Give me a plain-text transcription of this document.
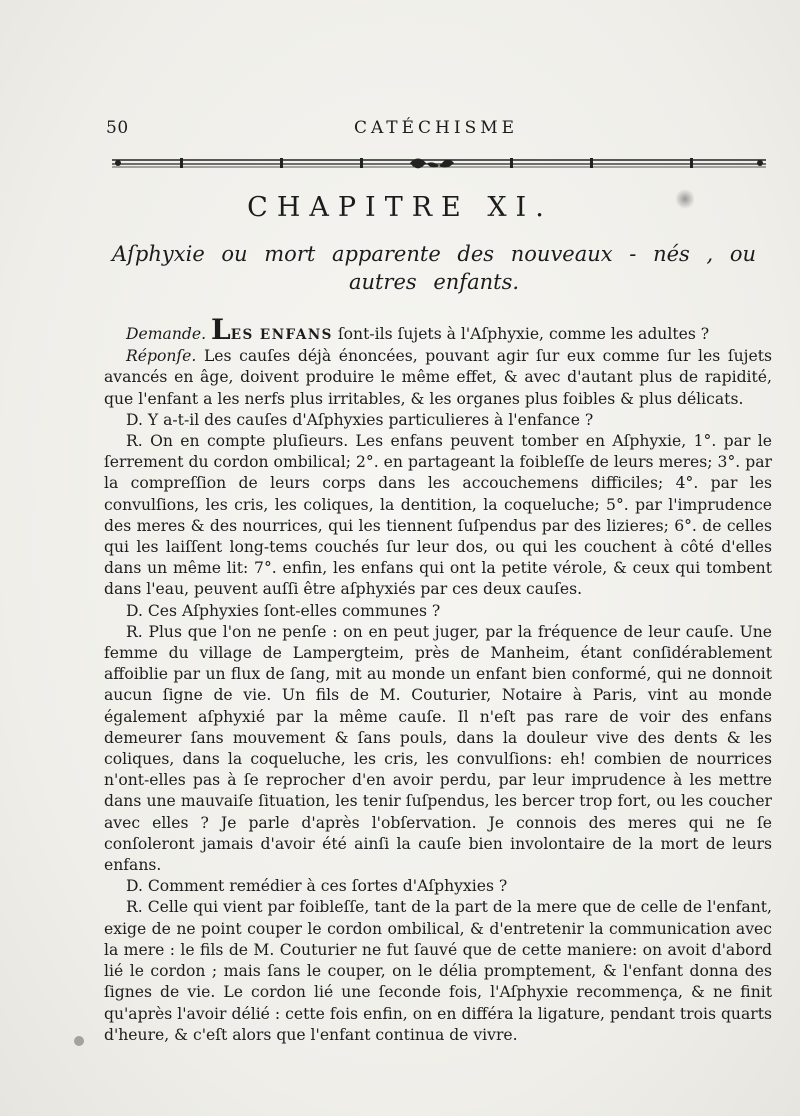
50	CATÉCHISME
CHAPITRE XI.
Aſphyxie ou mort apparente des nouveaux - nés , ou autres enfants.

Demande. LES ENFANS ſont-ils ſujets à l'Aſphyxie, comme les adultes ?

Réponſe. Les cauſes déjà énoncées, pouvant agir ſur eux comme ſur les ſujets avancés en âge, doivent produire le même effet, & avec d'autant plus de rapidité, que l'enfant a les nerfs plus irritables, & les organes plus foibles & plus délicats.

D. Y a-t-il des cauſes d'Aſphyxies particulieres à l'enfance ?

R. On en compte pluſieurs. Les enfans peuvent tomber en Aſphyxie, 1°. par le ſerrement du cordon ombilical; 2°. en partageant la foibleſſe de leurs meres; 3°. par la compreſſion de leurs corps dans les accouchemens difficiles; 4°. par les convulſions, les cris, les coliques, la dentition, la coqueluche; 5°. par l'imprudence des meres & des nourrices, qui les tiennent ſuſpendus par des lizieres; 6°. de celles qui les laiſſent long-tems couchés ſur leur dos, ou qui les couchent à côté d'elles dans un même lit: 7°. enfin, les enfans qui ont la petite vérole, & ceux qui tombent dans l'eau, peuvent auſſi être aſphyxiés par ces deux cauſes.

D. Ces Aſphyxies ſont-elles communes ?

R. Plus que l'on ne penſe : on en peut juger, par la fréquence de leur cauſe. Une femme du village de Lampergteim, près de Manheim, étant conſidérablement affoiblie par un flux de ſang, mit au monde un enfant bien conformé, qui ne donnoit aucun ſigne de vie. Un fils de M. Couturier, Notaire à Paris, vint au monde également aſphyxié par la même cauſe. Il n'eſt pas rare de voir des enfans demeurer ſans mouvement & ſans pouls, dans la douleur vive des dents & les coliques, dans la coqueluche, les cris, les convulſions: eh! combien de nourrices n'ont-elles pas à ſe reprocher d'en avoir perdu, par leur imprudence à les mettre dans une mauvaiſe ſituation, les tenir ſuſpendus, les bercer trop fort, ou les coucher avec elles ? Je parle d'après l'obſervation. Je connois des meres qui ne ſe conſoleront jamais d'avoir été ainſi la cauſe bien involontaire de la mort de leurs enfans.

D. Comment remédier à ces ſortes d'Aſphyxies ?

R. Celle qui vient par foibleſſe, tant de la part de la mere que de celle de l'enfant, exige de ne point couper le cordon ombilical, & d'entretenir la communication avec la mere : le fils de M. Couturier ne fut ſauvé que de cette maniere: on avoit d'abord lié le cordon ; mais ſans le couper, on le délia promptement, & l'enfant donna des ſignes de vie. Le cordon lié une ſeconde fois, l'Aſphyxie recommença, & ne finit qu'après l'avoir délié : cette fois enfin, on en différa la ligature, pendant trois quarts d'heure, & c'eſt alors que l'enfant continua de vivre.
